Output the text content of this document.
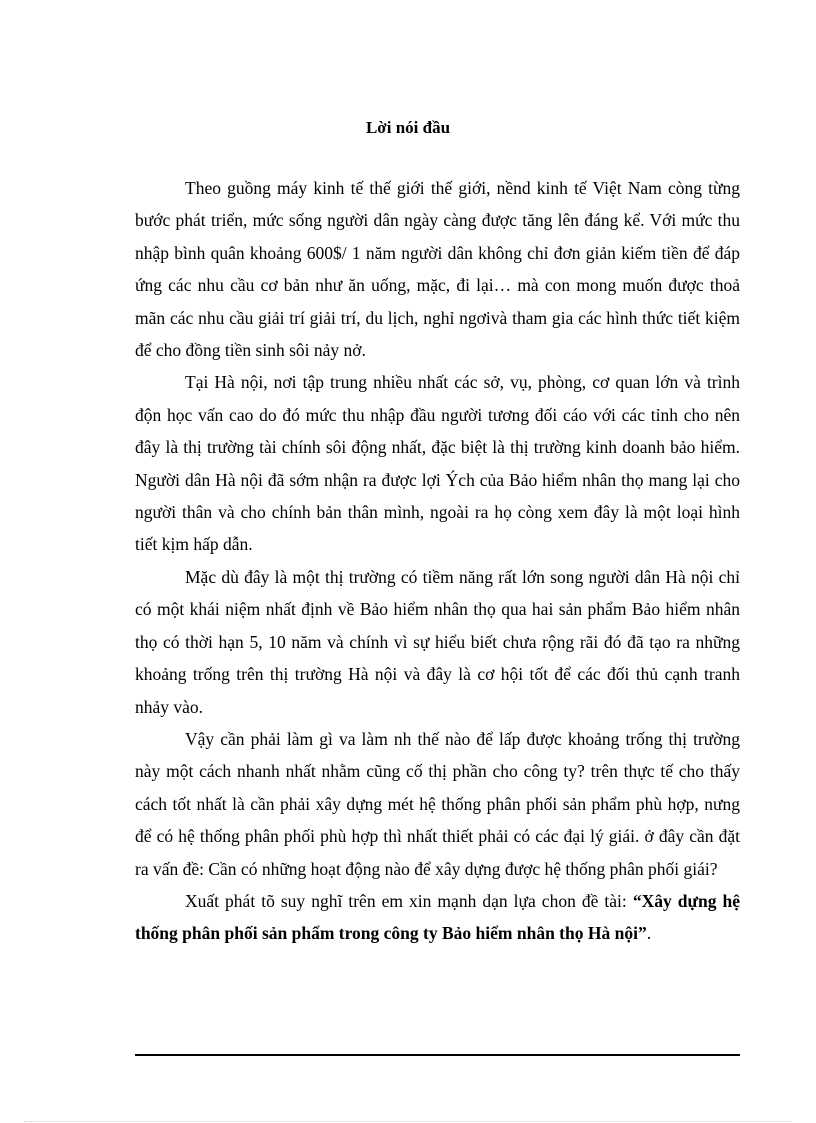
Lời nói đầu

Theo guồng máy kinh tế thế giới thế giới, nềnd kinh tế Việt Nam còng từng bước phát triển, mức sống người dân ngày càng được tăng lên đáng kể. Với mức thu nhập bình quân khoảng 600$/ 1 năm người dân không chỉ đơn giản kiếm tiền để đáp ứng các nhu cầu cơ bản như ăn uống, mặc, đi lại… mà con mong muốn được thoả mãn các nhu cầu giải trí giải trí, du lịch, nghỉ ngơivà tham gia các hình thức tiết kiệm để cho đồng tiền sinh sôi nảy nở.

Tại Hà nội, nơi tập trung nhiều nhất các sở, vụ, phòng, cơ quan lớn và trình độn học vấn cao do đó mức thu nhập đầu người tương đối cáo với các tỉnh cho nên đây là thị trường tài chính sôi động nhất, đặc biệt là thị trường kinh doanh bảo hiểm. Người dân Hà nội đã sớm nhận ra được lợi Ých của Bảo hiểm nhân thọ mang lại cho người thân và cho chính bản thân mình, ngoài ra họ còng xem đây là một loại hình tiết kịm hấp dẫn.

Mặc dù đây là một thị trường có tiềm năng rất lớn song người dân Hà nội chỉ có một khái niệm nhất định về Bảo hiểm nhân thọ qua hai sản phẩm Bảo hiểm nhân thọ có thời hạn 5, 10 năm và chính vì sự hiểu biết chưa rộng rãi đó đã tạo ra những khoảng trống trên thị trường Hà nội và đây là cơ hội tốt để các đối thủ cạnh tranh nhảy vào.

Vậy cần phải làm gì va làm nh thế nào để lấp được khoảng trống thị trường này một cách nhanh nhất nhằm cũng cố thị phần cho công ty? trên thực tế cho thấy cách tốt nhất là cần phải xây dựng mét hệ thống phân phối sản phẩm phù hợp, nưng để có hệ thống phân phối phù hợp thì nhất thiết phải có các đại lý giái. ở đây cần đặt ra vấn đề: Cần có những hoạt động nào để xây dựng được hệ thống phân phối giái?

Xuất phát tõ suy nghĩ trên em xin mạnh dạn lựa chon đề tài: “Xây dựng hệ thống phân phối sản phẩm trong công ty Bảo hiểm nhân thọ Hà nội”.
